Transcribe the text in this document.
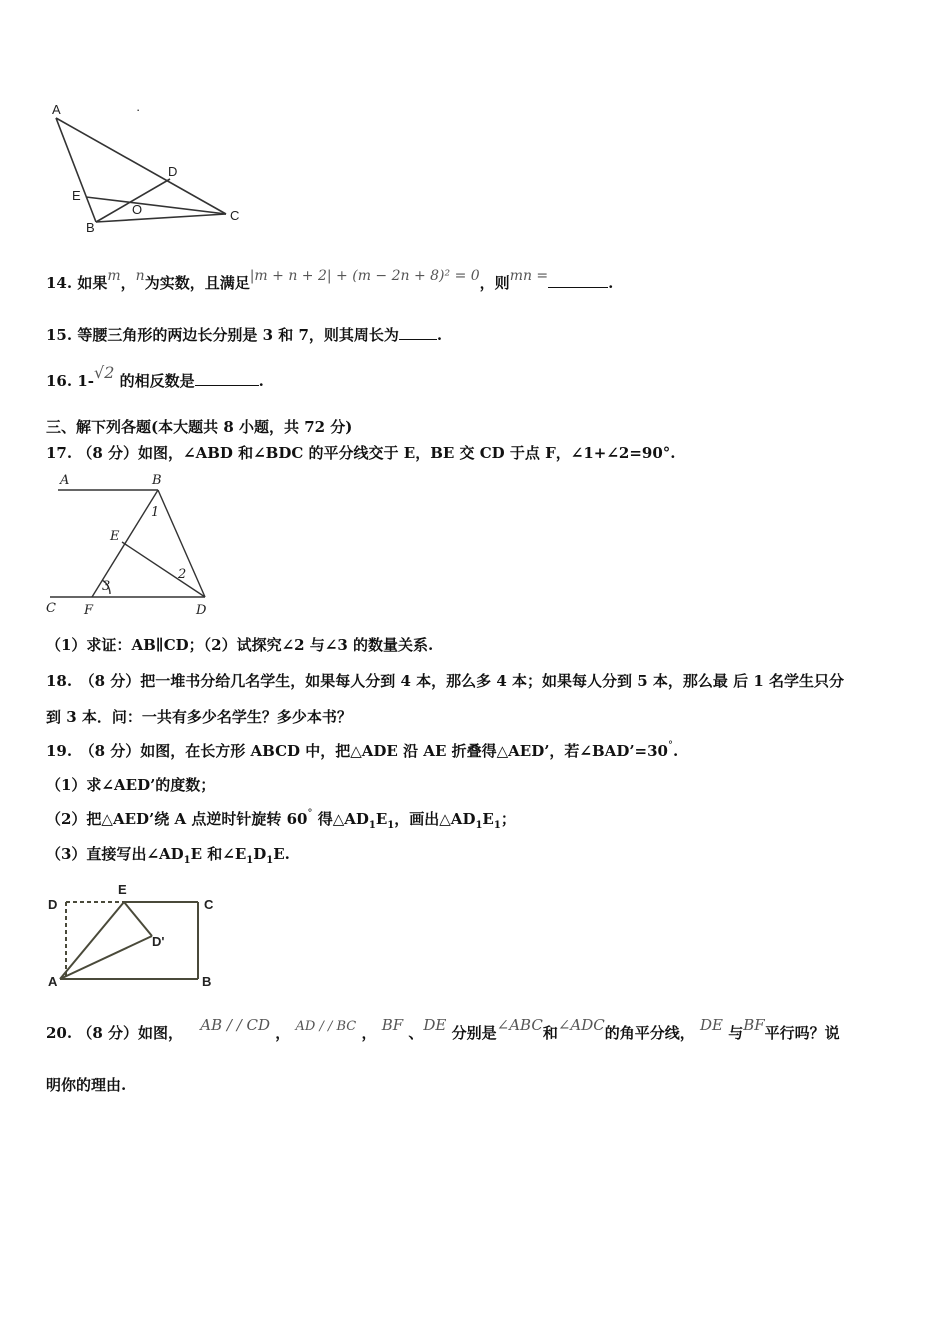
A
D
E
O
B
C
·
14. 如果m，n为实数，且满足|m + n + 2| + (m − 2n + 8)² = 0，则mn =	.
15. 等腰三角形的两边长分别是 3 和 7，则其周长为	.
16. 1-√2 的相反数是	.
三、解下列各题(本大题共 8 小题，共 72 分)
17. （8 分）如图，∠ABD 和∠BDC 的平分线交于 E，BE 交 CD 于点 F，∠1+∠2=90°.
A	B
1
E
2
3
C F	D
（1）求证：AB∥CD；（2）试探究∠2 与∠3 的数量关系.
18.　（8 分）把一堆书分给几名学生，如果每人分到 4 本，那么多 4 本；如果每人分到 5 本，那么最 后 1 名学生只分
到 3 本．问：一共有多少名学生？多少本书？
19.　（8 分）如图，在长方形 ABCD 中，把△ADE 沿 AE 折叠得△AED’，若∠BAD’=30°.
（1）求∠AED’的度数；
（2）把△AED’绕 A 点逆时针旋转 60° 得$\triangle AD_1E_1$，画出$\triangle AD_1E_1$；
（3）直接写出$\angle AD_1E$ 和$\angle E_1D_1E$.
D
E
C
D'
A	B
20. （8 分）如图， AB / / CD ， AD / / BC ， BF 、DE 分别是∠ABC和∠ADC的角平分线， DE 与BF平行吗？说
明你的理由.
